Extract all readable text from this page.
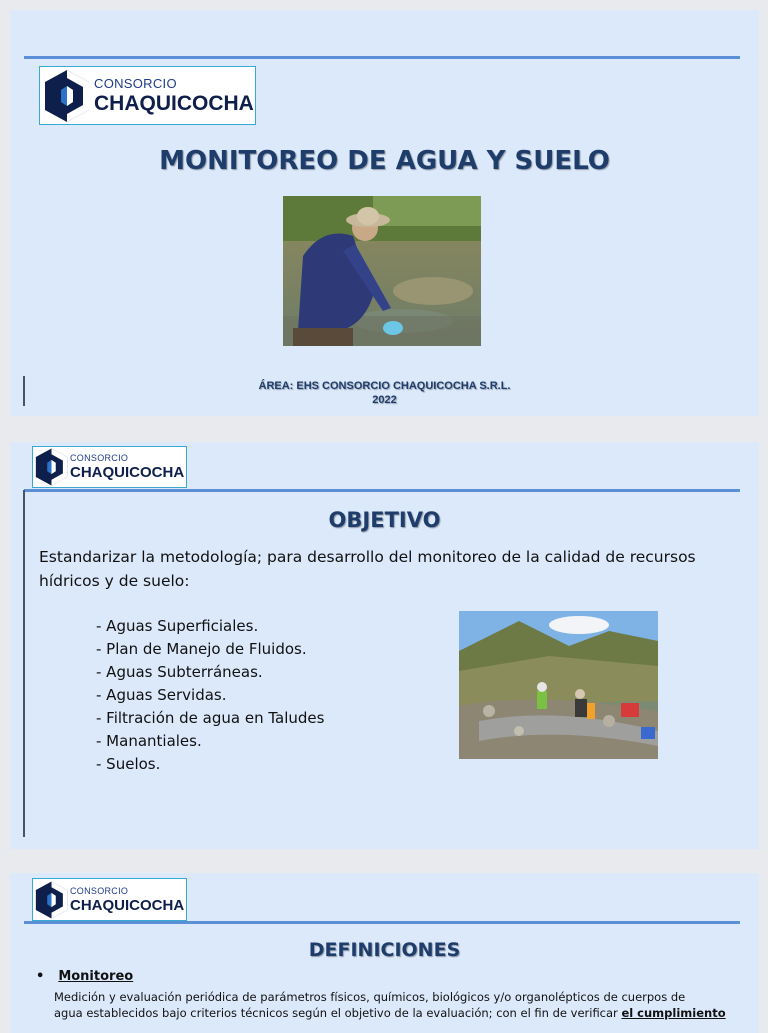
CONSORCIO
CHAQUICOCHA
MONITOREO DE AGUA Y SUELO
ÁREA: EHS CONSORCIO CHAQUICOCHA S.R.L.
2022
CONSORCIO
CHAQUICOCHA
OBJETIVO

Estandarizar la metodología; para desarrollo del monitoreo de la calidad de recursos
hídricos y de suelo:

- Aguas Superficiales.
- Plan de Manejo de Fluidos.
- Aguas Subterráneas.
- Aguas Servidas.
- Filtración de agua en Taludes
- Manantiales.
- Suelos.
CONSORCIO
CHAQUICOCHA
DEFINICIONES
• Monitoreo

Medición y evaluación periódica de parámetros físicos, químicos, biológicos y/o organolépticos de cuerpos de
agua establecidos bajo criterios técnicos según el objetivo de la evaluación; con el fin de verificar el cumplimiento
